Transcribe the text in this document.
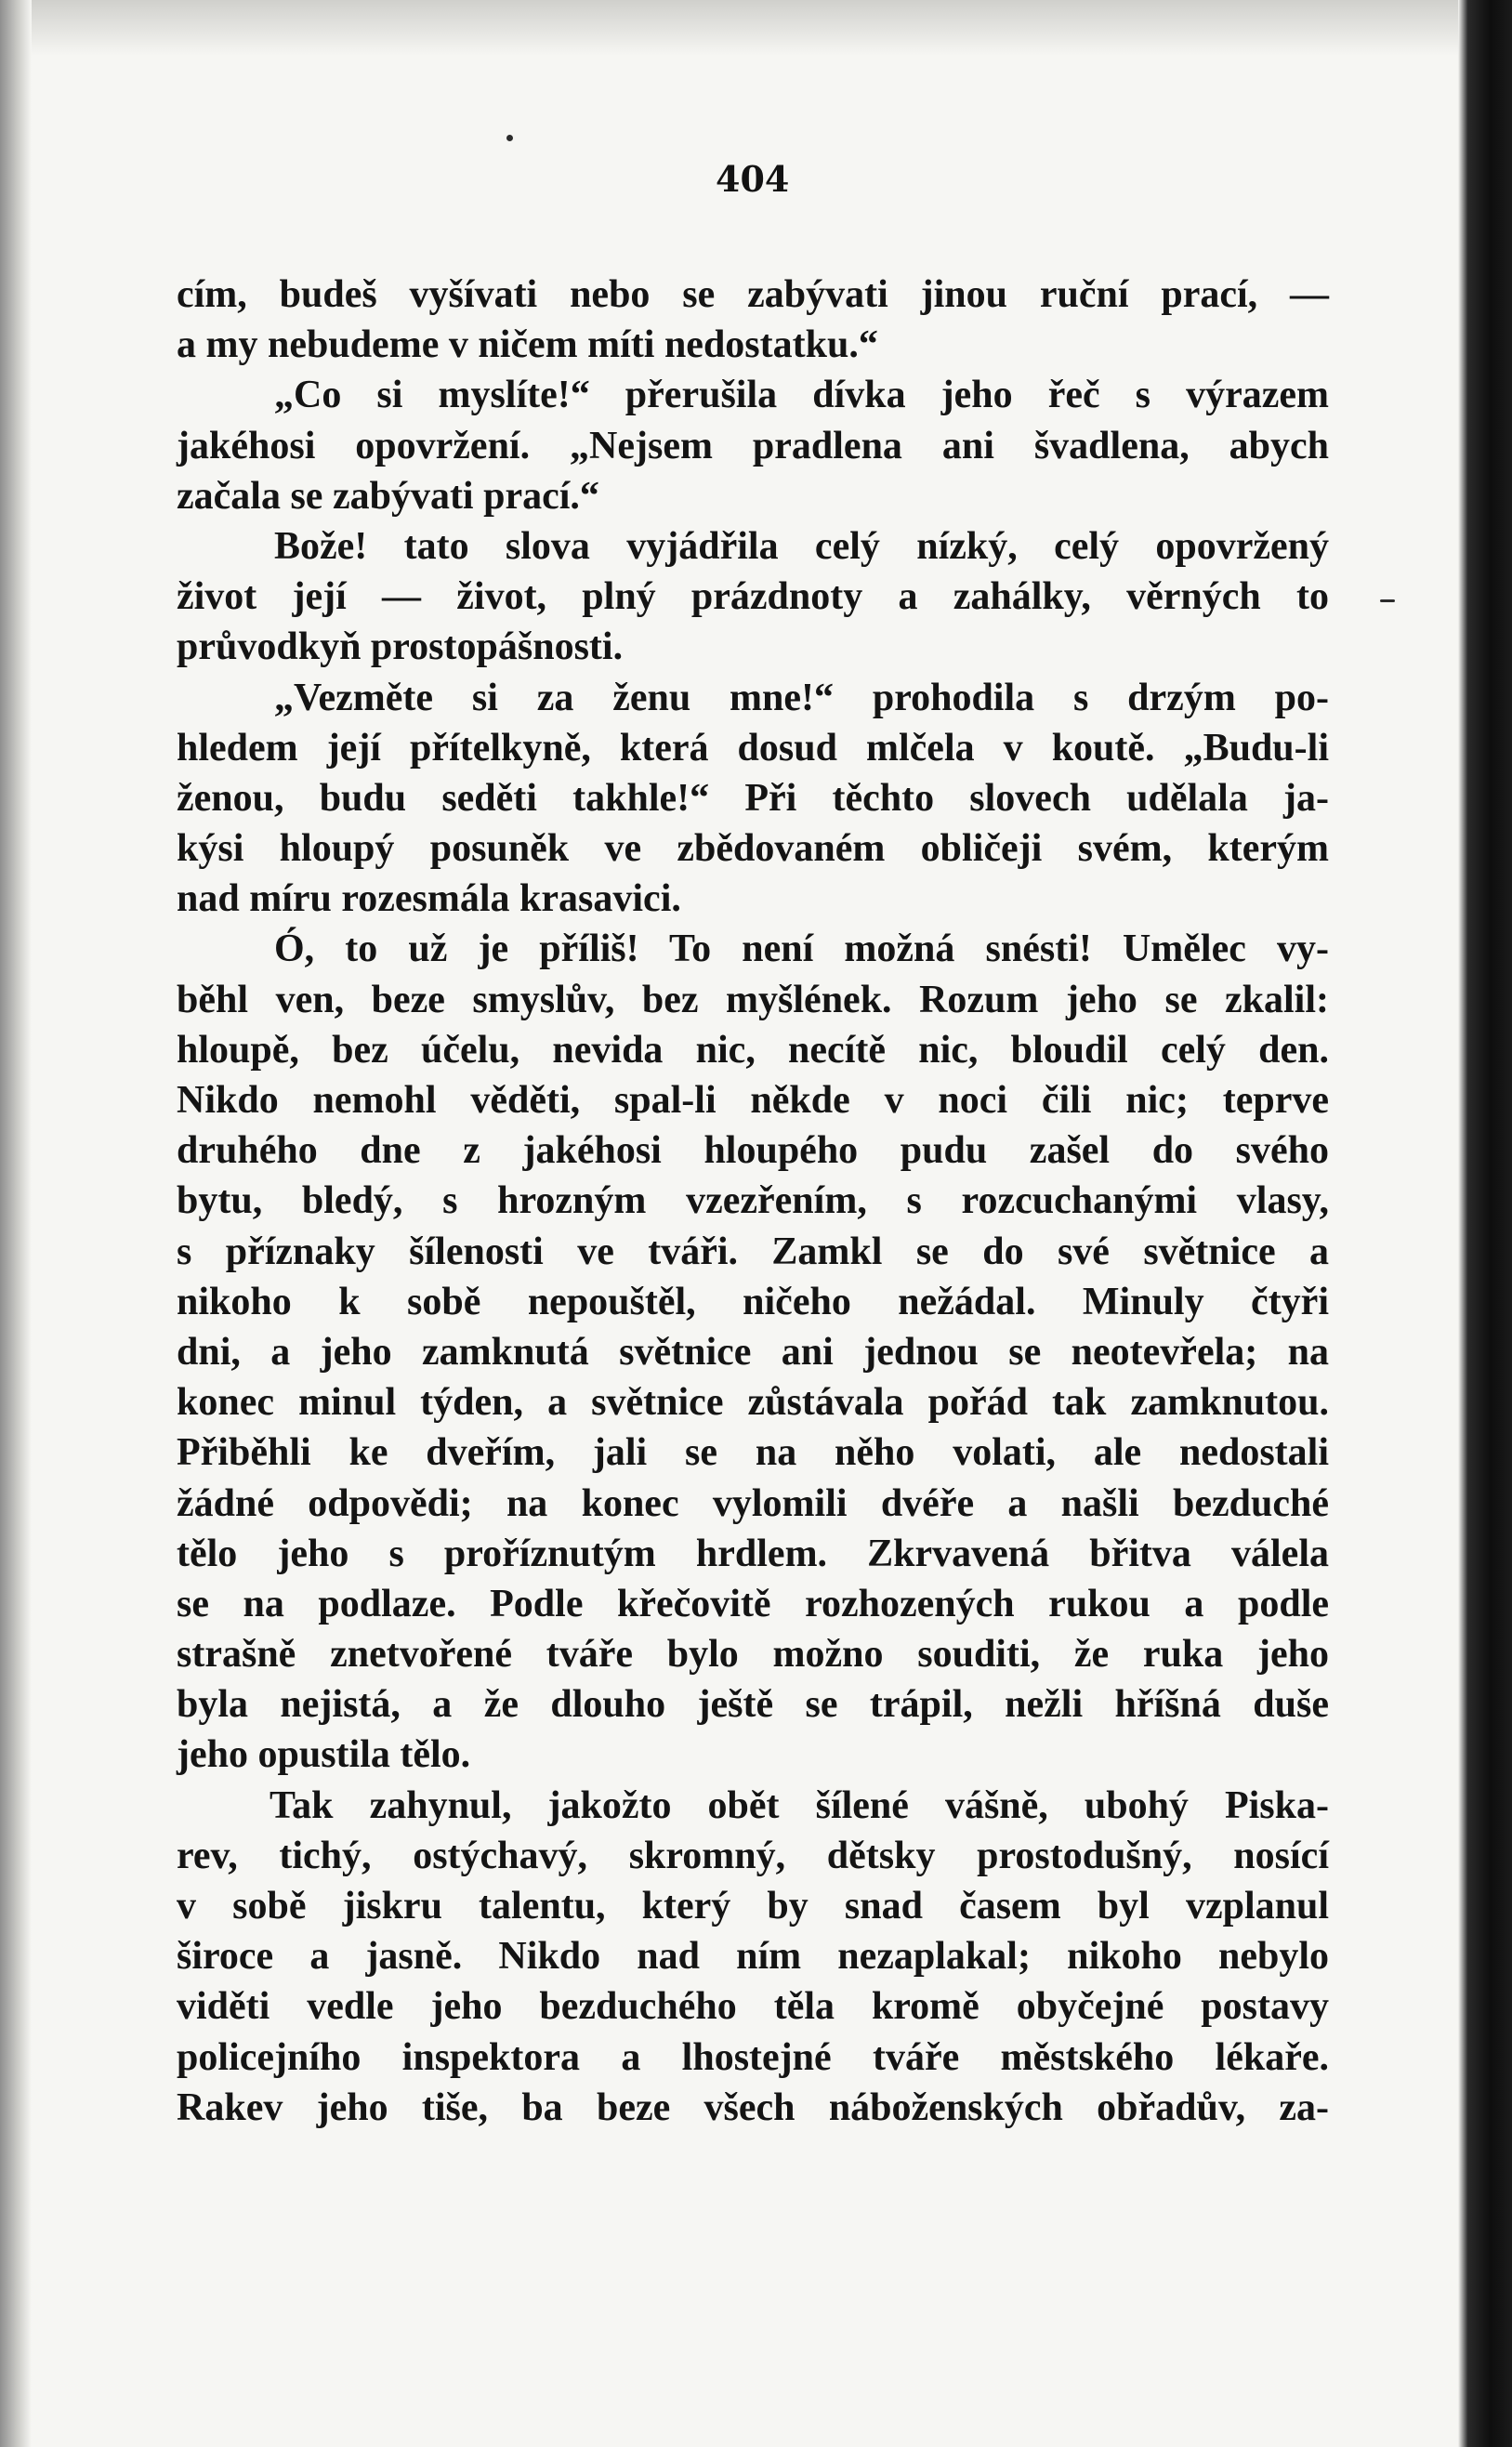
404
cím, budeš vyšívati nebo se zabývati jinou ruční prací, —
a my nebudeme v ničem míti nedostatku.“
„Co si myslíte!“ přerušila dívka jeho řeč s výrazem
jakéhosi opovržení. „Nejsem pradlena ani švadlena, abych
začala se zabývati prací.“
Bože! tato slova vyjádřila celý nízký, celý opovržený
život její — život, plný prázdnoty a zahálky, věrných to
průvodkyň prostopášnosti.
„Vezměte si za ženu mne!“ prohodila s drzým po-
hledem její přítelkyně, která dosud mlčela v koutě. „Budu-li
ženou, budu seděti takhle!“ Při těchto slovech udělala ja-
kýsi hloupý posuněk ve zbědovaném obličeji svém, kterým
nad míru rozesmála krasavici.
Ó, to už je příliš! To není možná snésti! Umělec vy-
běhl ven, beze smyslův, bez myšlének. Rozum jeho se zkalil:
hloupě, bez účelu, nevida nic, necítě nic, bloudil celý den.
Nikdo nemohl věděti, spal-li někde v noci čili nic; teprve
druhého dne z jakéhosi hloupého pudu zašel do svého
bytu, bledý, s hrozným vzezřením, s rozcuchanými vlasy,
s příznaky šílenosti ve tváři. Zamkl se do své světnice a
nikoho k sobě nepouštěl, ničeho nežádal. Minuly čtyři
dni, a jeho zamknutá světnice ani jednou se neotevřela; na
konec minul týden, a světnice zůstávala pořád tak zamknutou.
Přiběhli ke dveřím, jali se na něho volati, ale nedostali
žádné odpovědi; na konec vylomili dvéře a našli bezduché
tělo jeho s proříznutým hrdlem. Zkrvavená břitva válela
se na podlaze. Podle křečovitě rozhozených rukou a podle
strašně znetvořené tváře bylo možno souditi, že ruka jeho
byla nejistá, a že dlouho ještě se trápil, nežli hříšná duše
jeho opustila tělo.
Tak zahynul, jakožto obět šílené vášně, ubohý Piska-
rev, tichý, ostýchavý, skromný, dětsky prostodušný, nosící
v sobě jiskru talentu, který by snad časem byl vzplanul
široce a jasně. Nikdo nad ním nezaplakal; nikoho nebylo
viděti vedle jeho bezduchého těla kromě obyčejné postavy
policejního inspektora a lhostejné tváře městského lékaře.
Rakev jeho tiše, ba beze všech náboženských obřadův, za-
